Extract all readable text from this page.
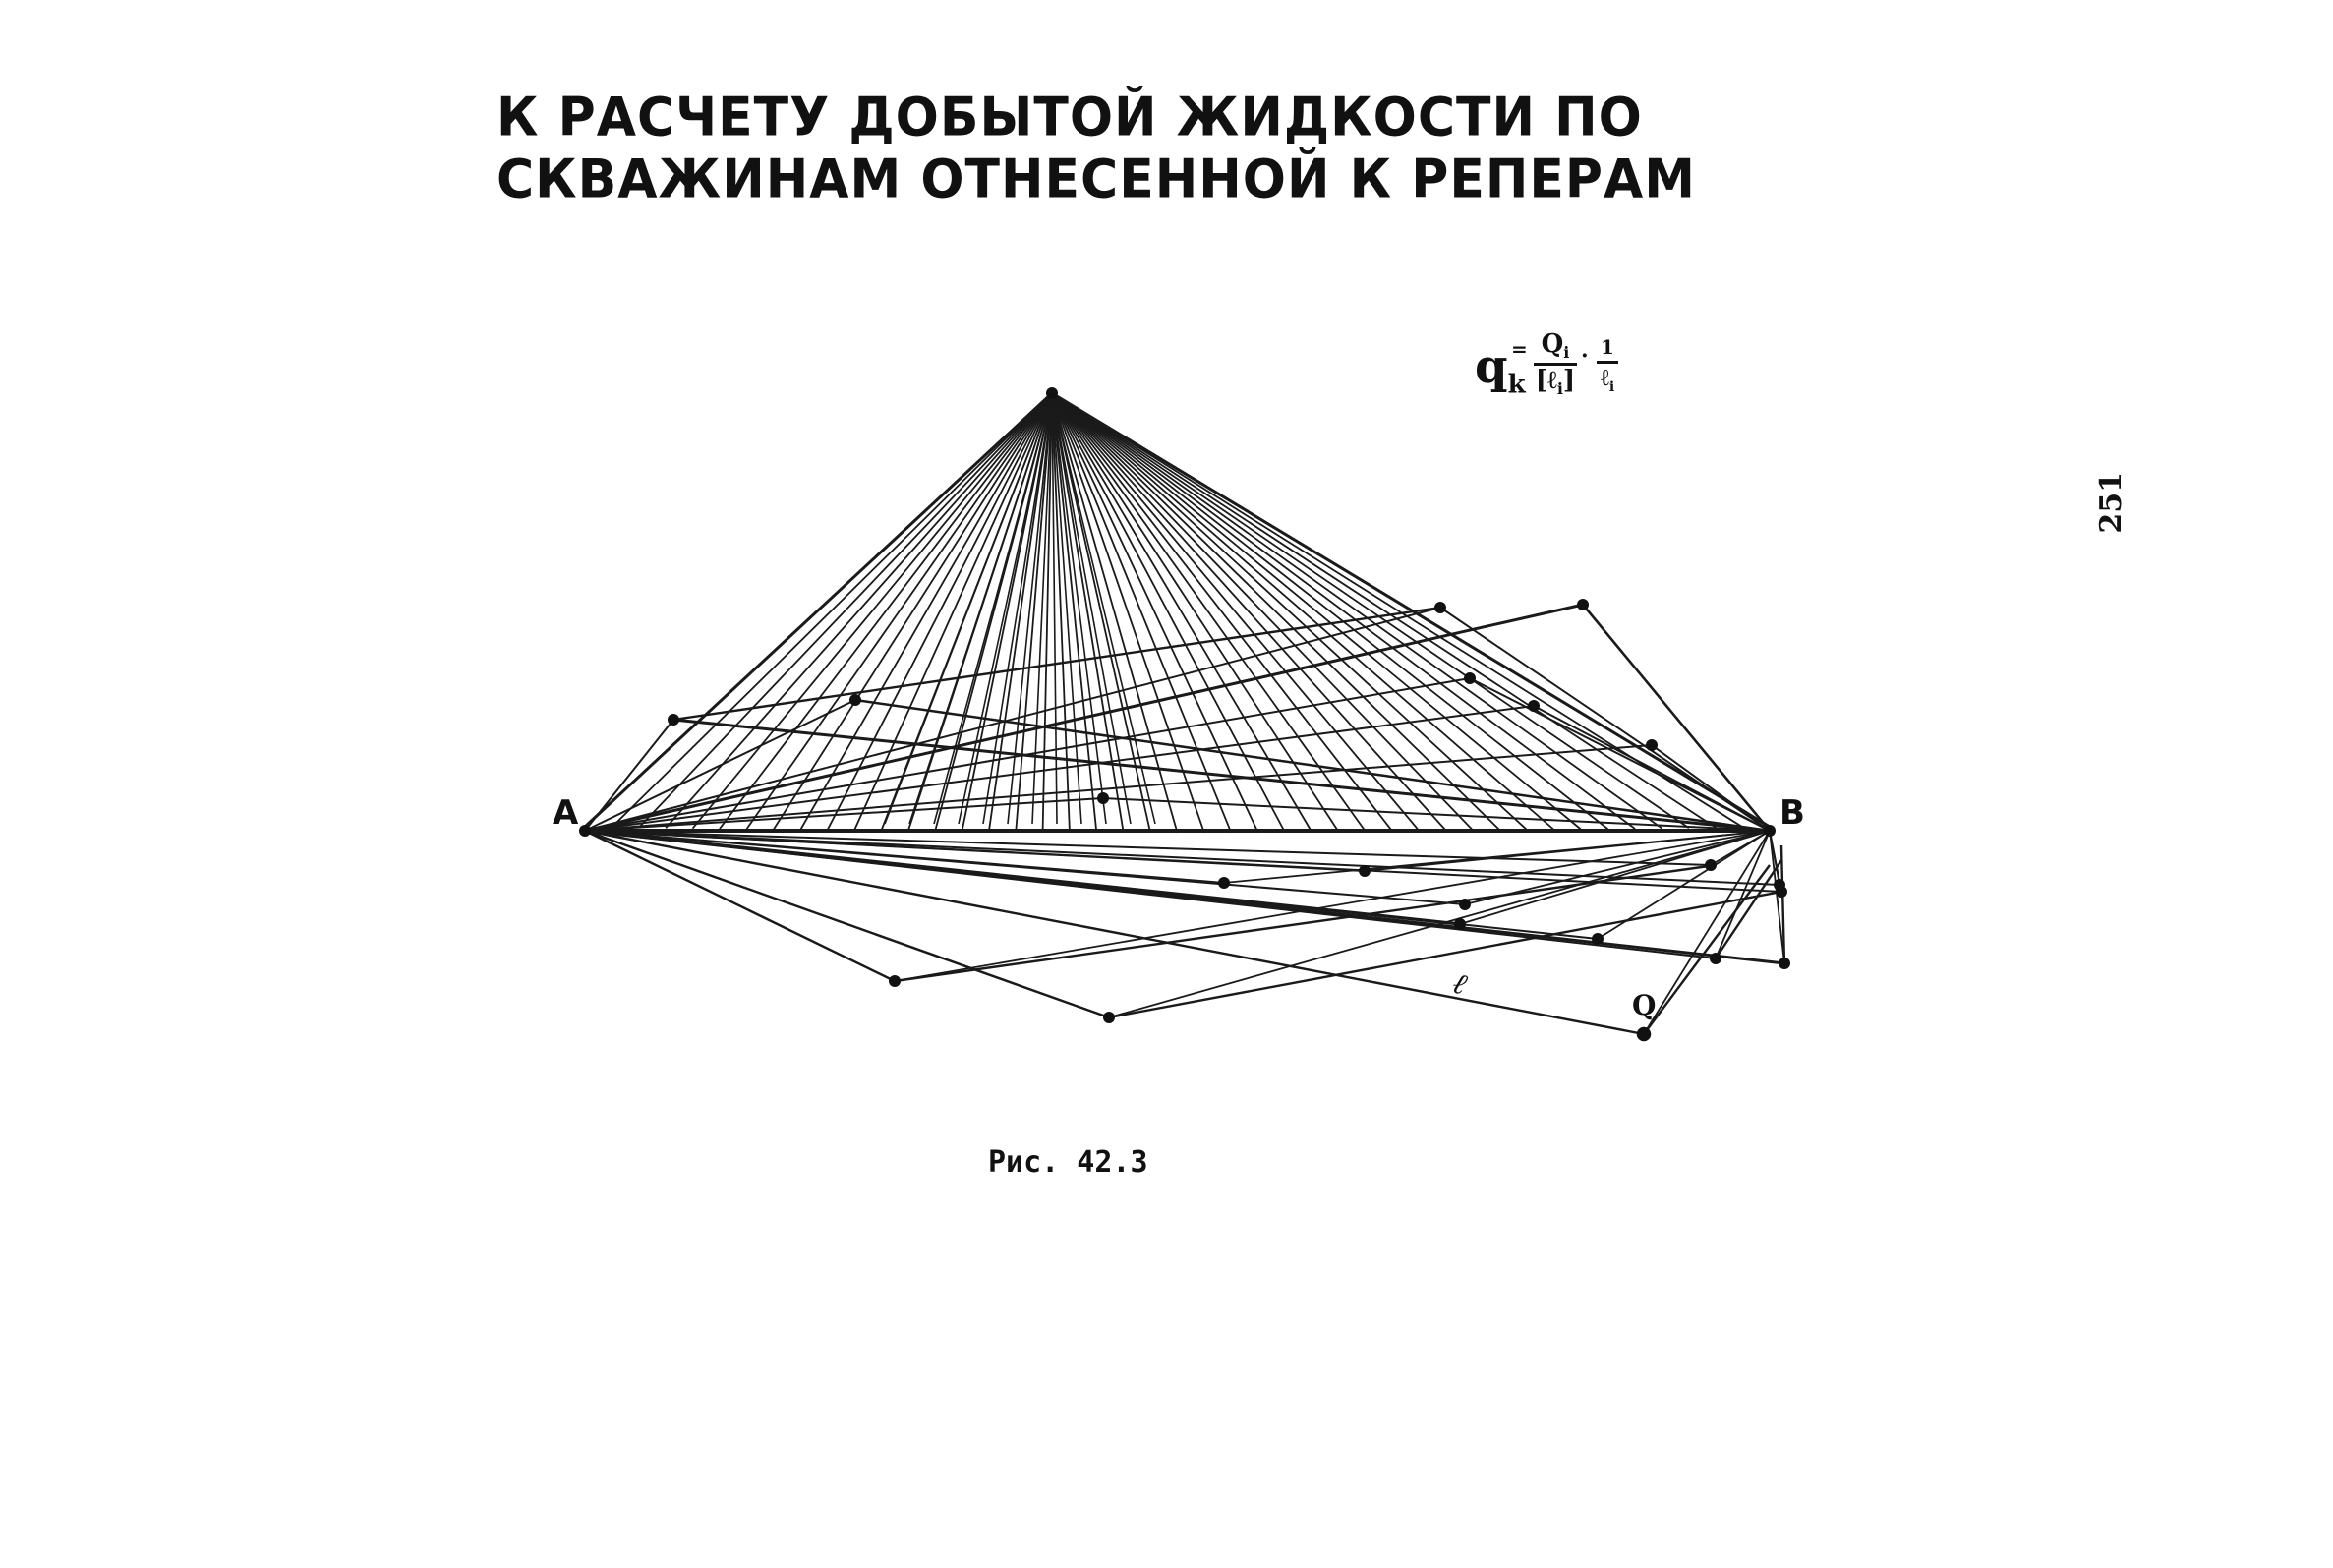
К РАСЧЕТУ ДОБЫТОЙ ЖИДКОСТИ ПО
СКВАЖИНАМ ОТНЕСЕННОЙ К РЕПЕРАМ
$q_k$
= $Q_i$
[ℓ$_i$]
· 1
ℓ$_i$
A	B
ℓ
Q
Рис. 42.3
251
